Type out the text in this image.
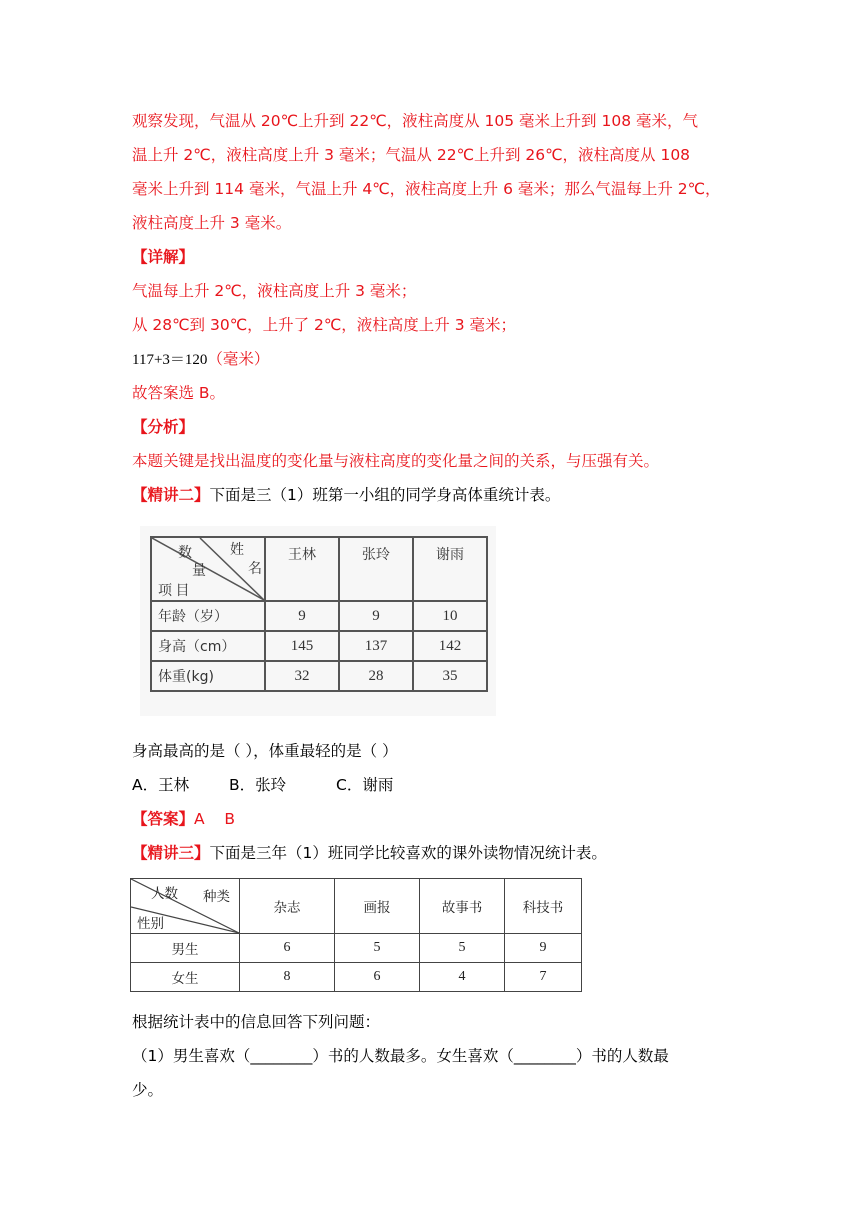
观察发现，气温从 20℃上升到 22℃，液柱高度从 105 毫米上升到 108 毫米，气
温上升 2℃，液柱高度上升 3 毫米；气温从 22℃上升到 26℃，液柱高度从 108
毫米上升到 114 毫米，气温上升 4℃，液柱高度上升 6 毫米；那么气温每上升 2℃，
液柱高度上升 3 毫米。
【详解】
气温每上升 2℃，液柱高度上升 3 毫米；
从 28℃到 30℃，上升了 2℃，液柱高度上升 3 毫米；
117+3＝120（毫米）
故答案选 B。
【分析】
本题关键是找出温度的变化量与液柱高度的变化量之间的关系，与压强有关。
【精讲二】下面是三（1）班第一小组的同学身高体重统计表。
数 姓
量 名
项 目	王林	张玲	谢雨
年龄（岁）	9	9	10
身高（cm）	145	137	142
体重(kg)	32	28	35
身高最高的是（ ），体重最轻的是（ ）
A．王林	B．张玲	C．谢雨
【答案】A    B
【精讲三】下面是三年（1）班同学比较喜欢的课外读物情况统计表。
人数 种类
性别	杂志	画报	故事书	科技书
男生	6	5	5	9
女生	8	6	4	7
根据统计表中的信息回答下列问题：
（1）男生喜欢（________）书的人数最多。女生喜欢（________）书的人数最
少。
